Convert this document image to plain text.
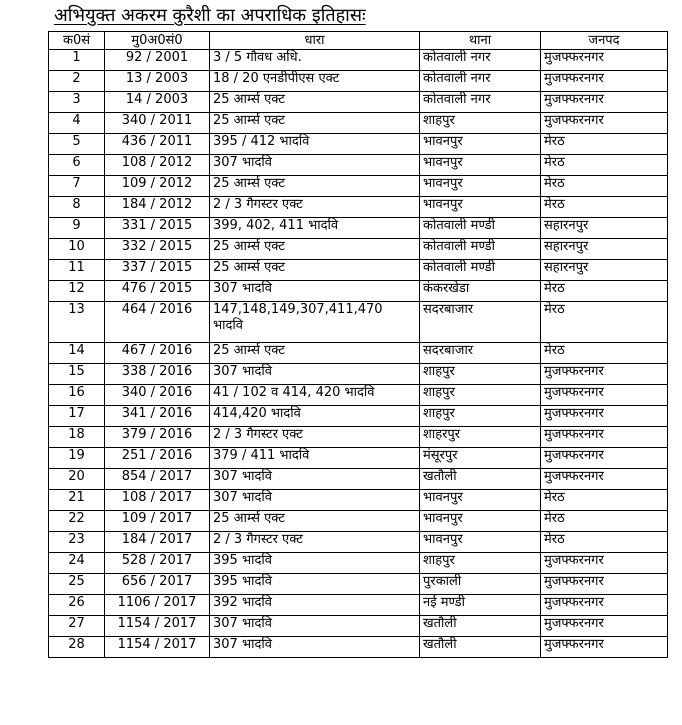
अभियुक्त अकरम कुरैशी का अपराधिक इतिहासः
क0सं	मु0अ0सं0	धारा	थाना	जनपद
1	92 / 2001	3 / 5 गौवध अधि.	कोतवाली नगर	मुजफ्फरनगर
2	13 / 2003	18 / 20 एनडीपीएस एक्ट	कोतवाली नगर	मुजफ्फरनगर
3	14 / 2003	25 आर्म्स एक्ट	कोतवाली नगर	मुजफ्फरनगर
4	340 / 2011	25 आर्म्स एक्ट	शाहपुर	मुजफ्फरनगर
5	436 / 2011	395 / 412 भादवि	भावनपुर	मेरठ
6	108 / 2012	307 भादवि	भावनपुर	मेरठ
7	109 / 2012	25 आर्म्स एक्ट	भावनपुर	मेरठ
8	184 / 2012	2 / 3 गैगस्टर एक्ट	भावनपुर	मेरठ
9	331 / 2015	399, 402, 411 भादवि	कोतवाली मण्डी	सहारनपुर
10	332 / 2015	25 आर्म्स एक्ट	कोतवाली मण्डी	सहारनपुर
11	337 / 2015	25 आर्म्स एक्ट	कोतवाली मण्डी	सहारनपुर
12	476 / 2015	307 भादवि	कंकरखेडा	मेरठ
13	464 / 2016	147,148,149,307,411,470 भादवि	सदरबाजार	मेरठ
14	467 / 2016	25 आर्म्स एक्ट	सदरबाजार	मेरठ
15	338 / 2016	307 भादवि	शाहपुर	मुजफ्फरनगर
16	340 / 2016	41 / 102 व 414, 420 भादवि	शाहपुर	मुजफ्फरनगर
17	341 / 2016	414,420 भादवि	शाहपुर	मुजफ्फरनगर
18	379 / 2016	2 / 3 गैगस्टर एक्ट	शाहरपुर	मुजफ्फरनगर
19	251 / 2016	379 / 411 भादवि	मंसूरपुर	मुजफ्फरनगर
20	854 / 2017	307 भादवि	खतौली	मुजफ्फरनगर
21	108 / 2017	307 भादवि	भावनपुर	मेरठ
22	109 / 2017	25 आर्म्स एक्ट	भावनपुर	मेरठ
23	184 / 2017	2 / 3 गैगस्टर एक्ट	भावनपुर	मेरठ
24	528 / 2017	395 भादवि	शाहपुर	मुजफ्फरनगर
25	656 / 2017	395 भादवि	पुरकाली	मुजफ्फरनगर
26	1106 / 2017	392 भादवि	नई मण्डी	मुजफ्फरनगर
27	1154 / 2017	307 भादवि	खतौली	मुजफ्फरनगर
28	1154 / 2017	307 भादवि	खतौली	मुजफ्फरनगर
